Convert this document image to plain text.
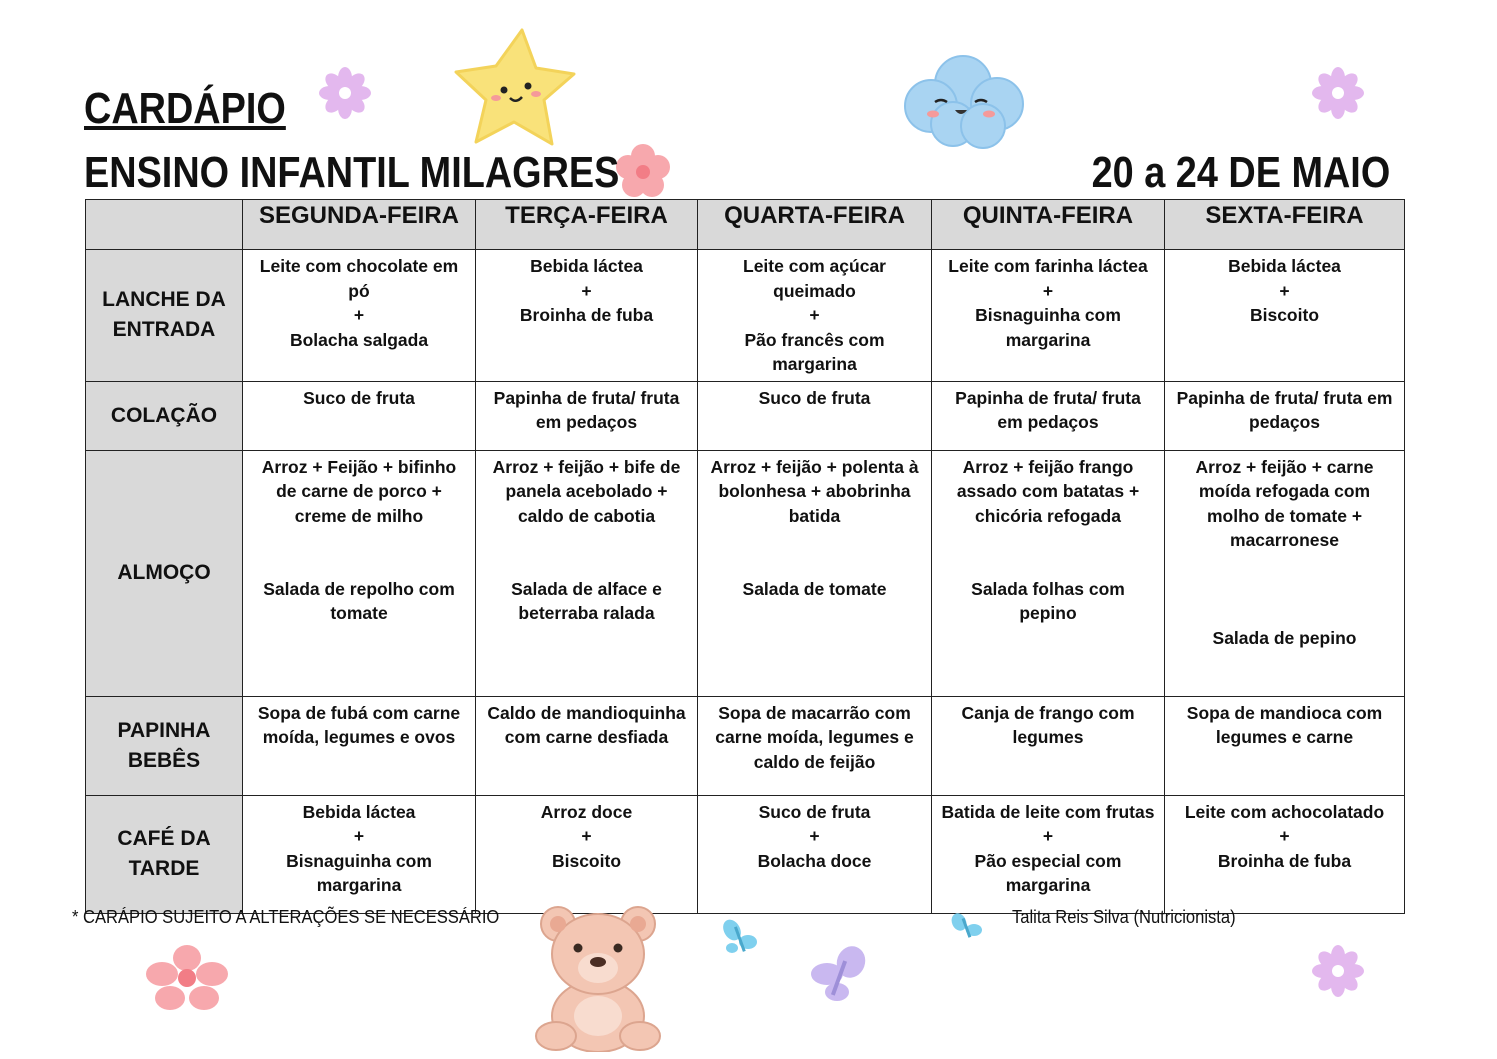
CARDÁPIO
ENSINO INFANTIL MILAGRES	20 a 24 DE MAIO
	SEGUNDA-FEIRA	TERÇA-FEIRA	QUARTA-FEIRA	QUINTA-FEIRA	SEXTA-FEIRA

LANCHE DA
ENTRADA	Leite com chocolate em
pó
+
Bolacha salgada	Bebida láctea
+
Broinha de fuba	Leite com açúcar
queimado
+
Pão francês com
margarina	Leite com farinha láctea
+
Bisnaguinha com
margarina	Bebida láctea
+
Biscoito

COLAÇÃO	Suco de fruta	Papinha de fruta/ fruta
em pedaços	Suco de fruta	Papinha de fruta/ fruta
em pedaços	Papinha de fruta/ fruta em
pedaços

ALMOÇO	Arroz + Feijão + bifinho
de carne de porco +
creme de milho
Salada de repolho com
tomate	Arroz + feijão + bife de
panela acebolado +
caldo de cabotia
Salada de alface e
beterraba ralada	Arroz + feijão + polenta à
bolonhesa + abobrinha
batida
Salada de tomate	Arroz + feijão frango
assado com batatas +
chicória refogada
Salada folhas com
pepino	Arroz + feijão + carne
moída refogada com
molho de tomate +
macarronese
Salada de pepino

PAPINHA
BEBÊS	Sopa de fubá com carne
moída, legumes e ovos	Caldo de mandioquinha
com carne desfiada	Sopa de macarrão com
carne moída, legumes e
caldo de feijão	Canja de frango com
legumes	Sopa de mandioca com
legumes e carne

CAFÉ DA
TARDE	Bebida láctea
+
Bisnaguinha com
margarina	Arroz doce
+
Biscoito	Suco de fruta
+
Bolacha doce	Batida de leite com frutas
+
Pão especial com
margarina	Leite com achocolatado
+
Broinha de fuba
* CARÁPIO SUJEITO A ALTERAÇÕES SE NECESSÁRIO	Talita Reis Silva (Nutricionista)
